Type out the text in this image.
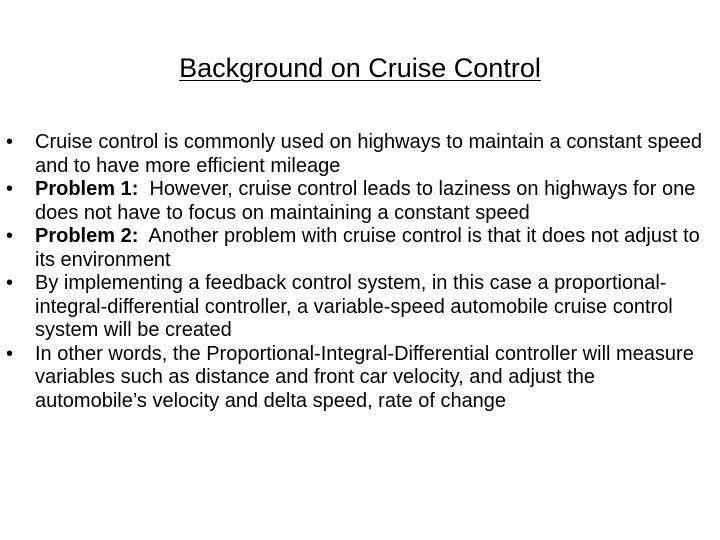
Background on Cruise Control
•	Cruise control is commonly used on highways to maintain a constant speed and to have more efficient mileage
•	Problem 1:  However, cruise control leads to laziness on highways for one does not have to focus on maintaining a constant speed
•	Problem 2:  Another problem with cruise control is that it does not adjust to its environment
•	By implementing a feedback control system, in this case a proportional-integral-differential controller, a variable-speed automobile cruise control system will be created
•	In other words, the Proportional-Integral-Differential controller will measure variables such as distance and front car velocity, and adjust the automobile’s velocity and delta speed, rate of change
